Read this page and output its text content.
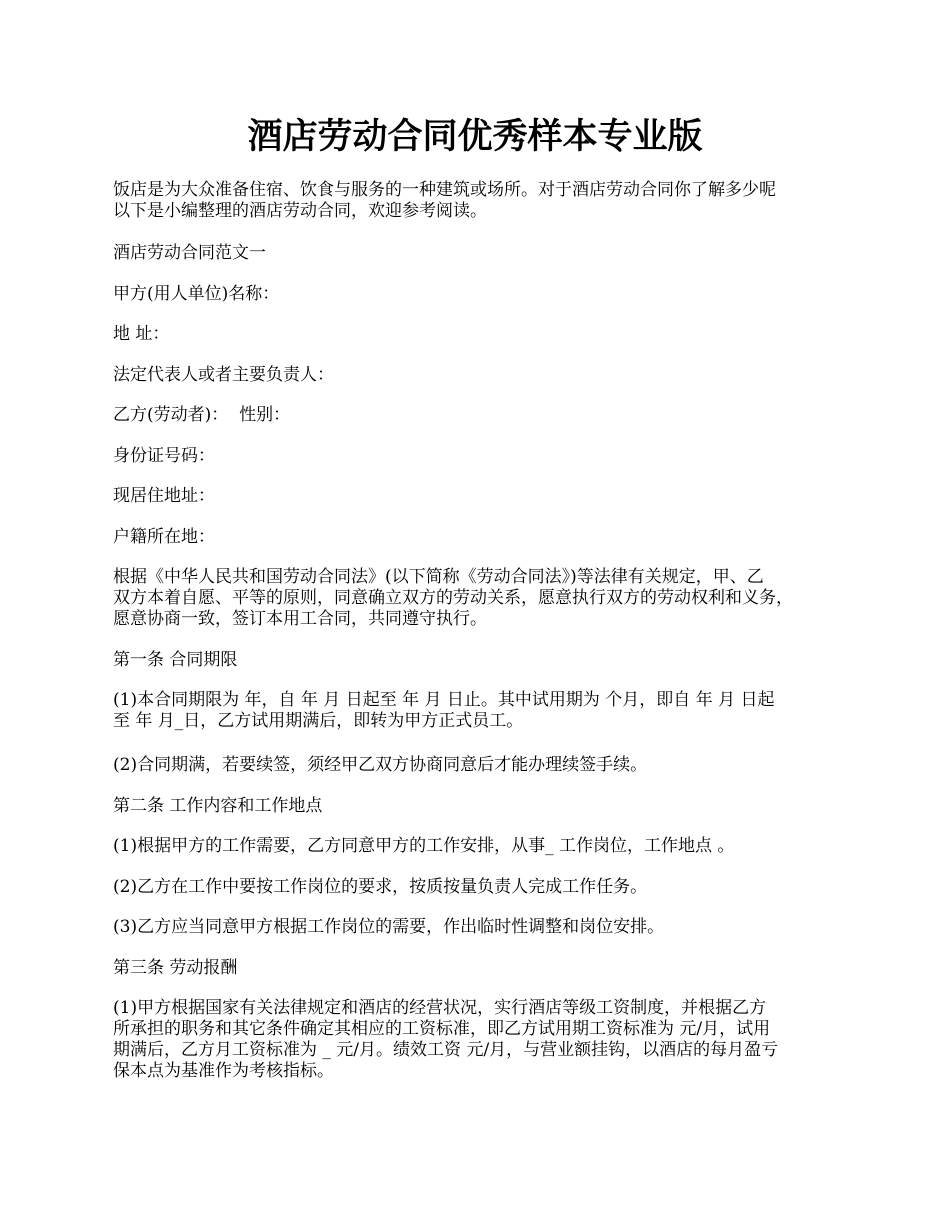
酒店劳动合同优秀样本专业版

饭店是为大众准备住宿、饮食与服务的一种建筑或场所。对于酒店劳动合同你了解多少呢
以下是小编整理的酒店劳动合同，欢迎参考阅读。

酒店劳动合同范文一

甲方(用人单位)名称：

地 址：

法定代表人或者主要负责人：

乙方(劳动者)：  性别：

身份证号码：

现居住地址：

户籍所在地：

根据《中华人民共和国劳动合同法》(以下简称《劳动合同法》)等法律有关规定，甲、乙
双方本着自愿、平等的原则，同意确立双方的劳动关系，愿意执行双方的劳动权利和义务，
愿意协商一致，签订本用工合同，共同遵守执行。

第一条 合同期限

(1)本合同期限为 年，自 年 月 日起至 年 月 日止。其中试用期为 个月，即自 年 月 日起
至 年 月_日，乙方试用期满后，即转为甲方正式员工。

(2)合同期满，若要续签，须经甲乙双方协商同意后才能办理续签手续。

第二条 工作内容和工作地点

(1)根据甲方的工作需要，乙方同意甲方的工作安排，从事_ 工作岗位，工作地点 。

(2)乙方在工作中要按工作岗位的要求，按质按量负责人完成工作任务。

(3)乙方应当同意甲方根据工作岗位的需要，作出临时性调整和岗位安排。

第三条 劳动报酬

(1)甲方根据国家有关法律规定和酒店的经营状况，实行酒店等级工资制度，并根据乙方
所承担的职务和其它条件确定其相应的工资标准，即乙方试用期工资标准为 元/月，试用
期满后，乙方月工资标准为 _ 元/月。绩效工资 元/月，与营业额挂钩，以酒店的每月盈亏
保本点为基准作为考核指标。
